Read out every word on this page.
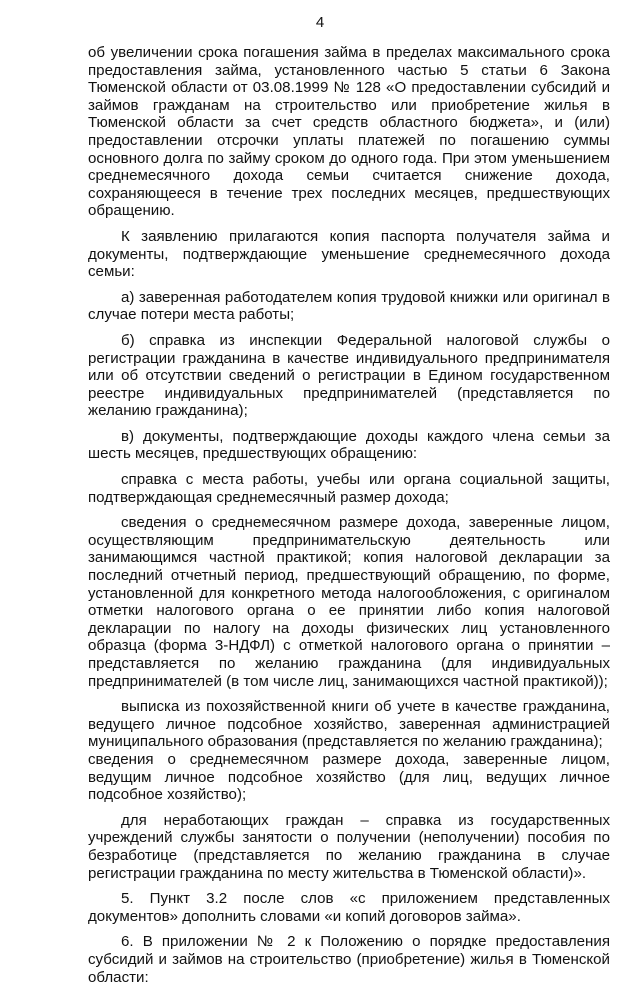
4

об увеличении срока погашения займа в пределах максимального срока предоставления займа, установленного частью 5 статьи 6 Закона Тюменской области от 03.08.1999 № 128 «О предоставлении субсидий и займов гражданам на строительство или приобретение жилья в Тюменской области за счет средств областного бюджета», и (или) предоставлении отсрочки уплаты платежей по погашению суммы основного долга по займу сроком до одного года. При этом уменьшением среднемесячного дохода семьи считается снижение дохода, сохраняющееся в течение трех последних месяцев, предшествующих обращению.

К заявлению прилагаются копия паспорта получателя займа и документы, подтверждающие уменьшение среднемесячного дохода семьи:

а) заверенная работодателем копия трудовой книжки или оригинал в случае потери места работы;

б) справка из инспекции Федеральной налоговой службы о регистрации гражданина в качестве индивидуального предпринимателя или об отсутствии сведений о регистрации в Едином государственном реестре индивидуальных предпринимателей (представляется по желанию гражданина);

в) документы, подтверждающие доходы каждого члена семьи за шесть месяцев, предшествующих обращению:

справка с места работы, учебы или органа социальной защиты, подтверждающая среднемесячный размер дохода;

сведения о среднемесячном размере дохода, заверенные лицом, осуществляющим предпринимательскую деятельность или занимающимся частной практикой; копия налоговой декларации за последний отчетный период, предшествующий обращению, по форме, установленной для конкретного метода налогообложения, с оригиналом отметки налогового органа о ее принятии либо копия налоговой декларации по налогу на доходы физических лиц установленного образца (форма 3-НДФЛ) с отметкой налогового органа о принятии – представляется по желанию гражданина (для индивидуальных предпринимателей (в том числе лиц, занимающихся частной практикой));

выписка из похозяйственной книги об учете в качестве гражданина, ведущего личное подсобное хозяйство, заверенная администрацией муниципального образования (представляется по желанию гражданина);

сведения о среднемесячном размере дохода, заверенные лицом, ведущим личное подсобное хозяйство (для лиц, ведущих личное подсобное хозяйство);

для неработающих граждан – справка из государственных учреждений службы занятости о получении (неполучении) пособия по безработице (представляется по желанию гражданина в случае регистрации гражданина по месту жительства в Тюменской области)».

5. Пункт 3.2 после слов «с приложением представленных документов» дополнить словами «и копий договоров займа».

6. В приложении № 2 к Положению о порядке предоставления субсидий и займов на строительство (приобретение) жилья в Тюменской области:
